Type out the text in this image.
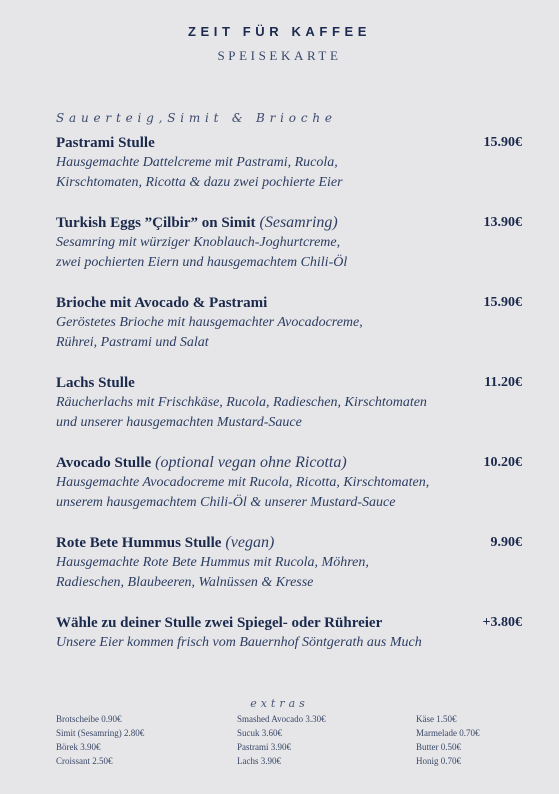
ZEIT FÜR KAFFEE
SPEISEKARTE
Sauerteig,Simit & Brioche
Pastrami Stulle	15.90€
Hausgemachte Dattelcreme mit Pastrami, Rucola,
Kirschtomaten, Ricotta & dazu zwei pochierte Eier
Turkish Eggs ”Çilbir” on Simit (Sesamring)	13.90€
Sesamring mit würziger Knoblauch-Joghurtcreme,
zwei pochierten Eiern und hausgemachtem Chili-Öl
Brioche mit Avocado & Pastrami	15.90€
Geröstetes Brioche mit hausgemachter Avocadocreme,
Rührei, Pastrami und Salat
Lachs Stulle	11.20€
Räucherlachs mit Frischkäse, Rucola, Radieschen, Kirschtomaten
und unserer hausgemachten Mustard-Sauce
Avocado Stulle (optional vegan ohne Ricotta)	10.20€
Hausgemachte Avocadocreme mit Rucola, Ricotta, Kirschtomaten,
unserem hausgemachtem Chili-Öl & unserer Mustard-Sauce
Rote Bete Hummus Stulle (vegan)	9.90€
Hausgemachte Rote Bete Hummus mit Rucola, Möhren,
Radieschen, Blaubeeren, Walnüssen & Kresse
Wähle zu deiner Stulle zwei Spiegel- oder Rühreier	+3.80€
Unsere Eier kommen frisch vom Bauernhof Söntgerath aus Much
extras
Brotscheibe 0.90€
Simit (Sesamring) 2.80€
Börek 3.90€
Croissant 2.50€
Smashed Avocado 3.30€
Sucuk 3.60€
Pastrami 3.90€
Lachs 3.90€
Käse 1.50€
Marmelade 0.70€
Butter 0.50€
Honig 0.70€
